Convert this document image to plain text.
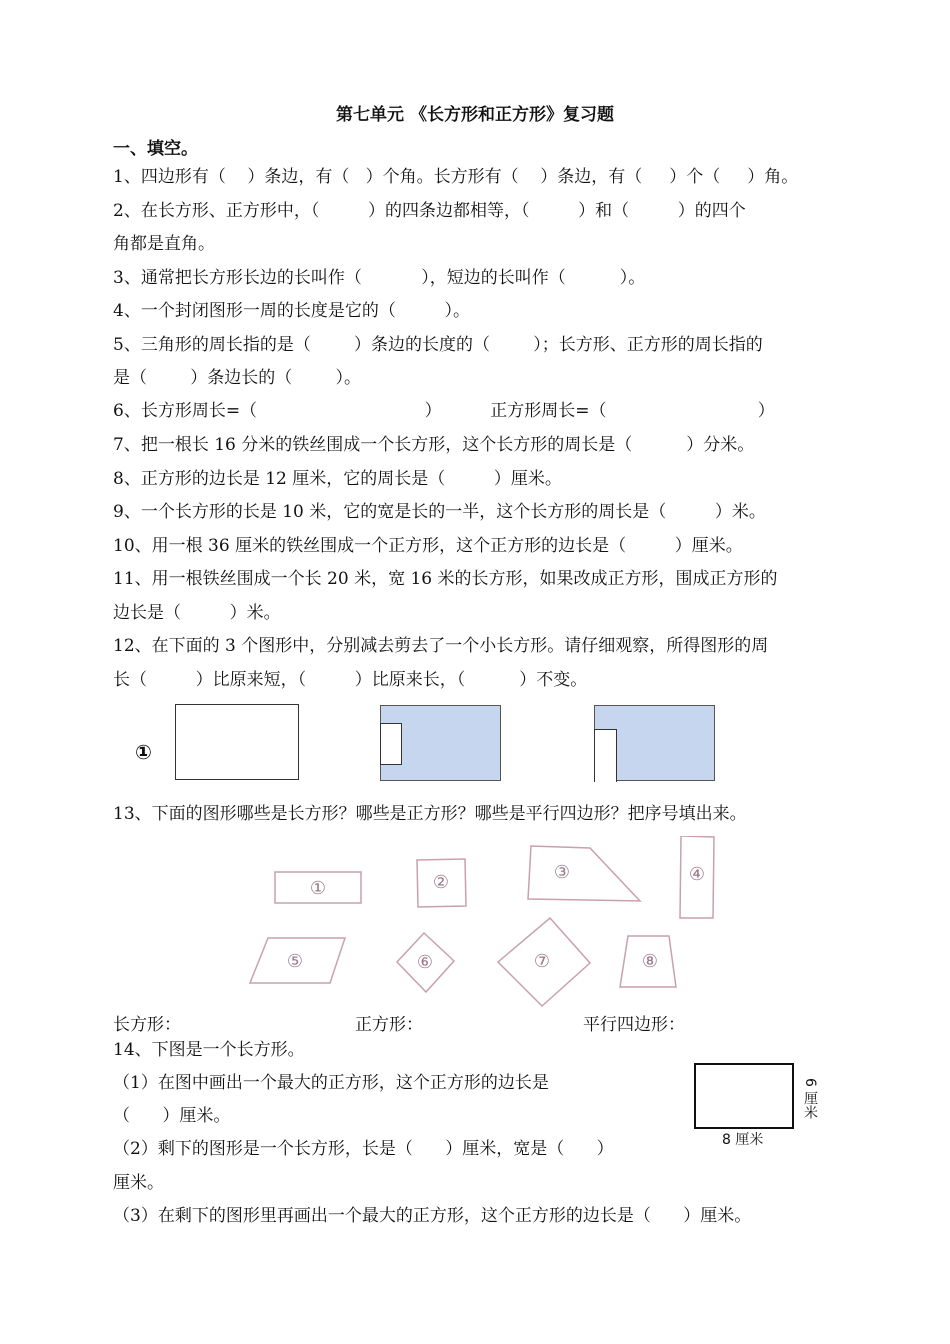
第七单元 《长方形和正方形》复习题
一、填空。
1、四边形有（    ）条边，有（   ）个角。长方形有（    ）条边，有（     ）个（     ）角。
2、在长方形、正方形中，（         ）的四条边都相等，（         ）和（         ）的四个
角都是直角。
3、通常把长方形长边的长叫作（           ），短边的长叫作（          ）。
4、一个封闭图形一周的长度是它的（         ）。
5、三角形的周长指的是（        ）条边的长度的（        ）；长方形、正方形的周长指的
是（        ）条边长的（        ）。
6、长方形周长=（                               ）         正方形周长=（                            ）
7、把一根长 16 分米的铁丝围成一个长方形，这个长方形的周长是（          ）分米。
8、正方形的边长是 12 厘米，它的周长是（         ）厘米。
9、一个长方形的长是 10 米，它的宽是长的一半，这个长方形的周长是（         ）米。
10、用一根 36 厘米的铁丝围成一个正方形，这个正方形的边长是（         ）厘米。
11、用一根铁丝围成一个长 20 米，宽 16 米的长方形，如果改成正方形，围成正方形的
边长是（         ）米。
12、在下面的 3 个图形中，分别减去剪去了一个小长方形。请仔细观察，所得图形的周
长（         ）比原来短，（         ）比原来长，（          ）不变。
①
13、下面的图形哪些是长方形？哪些是正方形？哪些是平行四边形？把序号填出来。
①	②	③	④
⑤	⑥	⑦	⑧
长方形：	正方形：	平行四边形：
14、下图是一个长方形。
（1）在图中画出一个最大的正方形，这个正方形的边长是
（      ）厘米。
（2）剩下的图形是一个长方形，长是（      ）厘米，宽是（      ）
厘米。
（3）在剩下的图形里再画出一个最大的正方形，这个正方形的边长是（      ）厘米。
8 厘米
6 厘米
